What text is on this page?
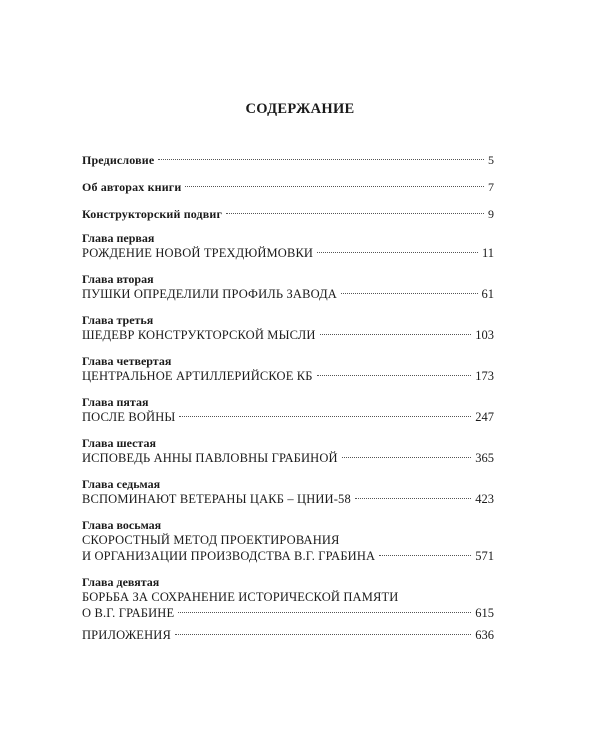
СОДЕРЖАНИЕ
Предисловие	5
Об авторах книги	7
Конструкторский подвиг	9
Глава первая
РОЖДЕНИЕ НОВОЙ ТРЕХДЮЙМОВКИ	11
Глава вторая
ПУШКИ ОПРЕДЕЛИЛИ ПРОФИЛЬ ЗАВОДА	61
Глава третья
ШЕДЕВР КОНСТРУКТОРСКОЙ МЫСЛИ	103
Глава четвертая
ЦЕНТРАЛЬНОЕ АРТИЛЛЕРИЙСКОЕ КБ	173
Глава пятая
ПОСЛЕ ВОЙНЫ	247
Глава шестая
ИСПОВЕДЬ АННЫ ПАВЛОВНЫ ГРАБИНОЙ	365
Глава седьмая
ВСПОМИНАЮТ ВЕТЕРАНЫ ЦАКБ – ЦНИИ-58	423
Глава восьмая
СКОРОСТНЫЙ МЕТОД ПРОЕКТИРОВАНИЯ
И ОРГАНИЗАЦИИ ПРОИЗВОДСТВА В.Г. ГРАБИНА	571
Глава девятая
БОРЬБА ЗА СОХРАНЕНИЕ ИСТОРИЧЕСКОЙ ПАМЯТИ
О В.Г. ГРАБИНЕ	615
ПРИЛОЖЕНИЯ	636
